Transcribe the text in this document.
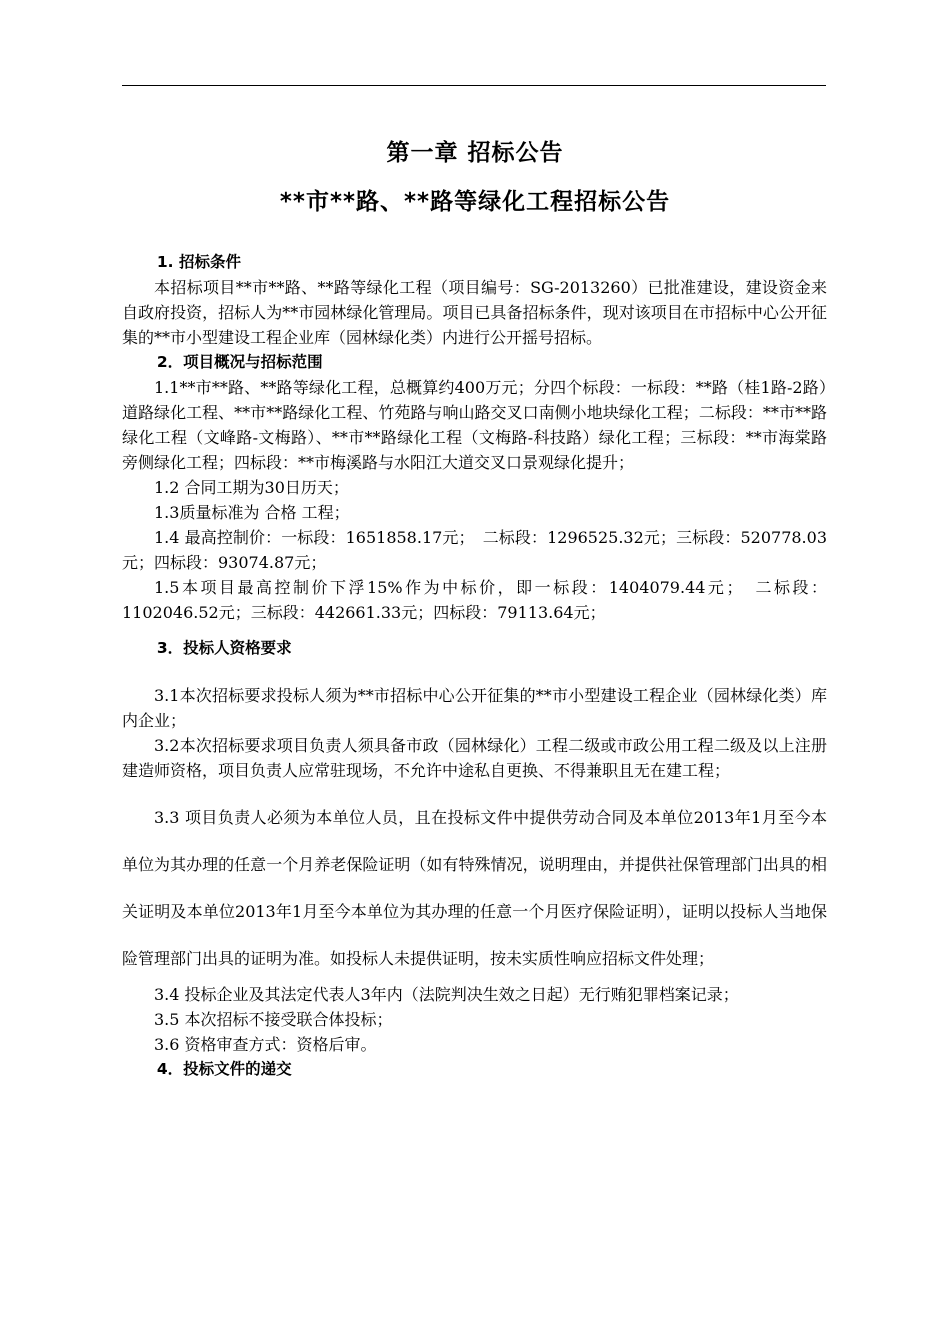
第一章 招标公告
**市**路、**路等绿化工程招标公告

1. 招标条件

本招标项目**市**路、**路等绿化工程（项目编号：SG-2013260）已批准建设，建设资金来自政府投资，招标人为**市园林绿化管理局。项目已具备招标条件，现对该项目在市招标中心公开征集的**市小型建设工程企业库（园林绿化类）内进行公开摇号招标。

2．项目概况与招标范围

1.1**市**路、**路等绿化工程，总概算约400万元；分四个标段：一标段：**路（桂1路-2路）道路绿化工程、**市**路绿化工程、竹苑路与响山路交叉口南侧小地块绿化工程；二标段：**市**路绿化工程（文峰路-文梅路）、**市**路绿化工程（文梅路-科技路）绿化工程；三标段：**市海棠路旁侧绿化工程；四标段：**市梅溪路与水阳江大道交叉口景观绿化提升；

1.2 合同工期为30日历天；

1.3质量标准为 合格 工程；

1.4 最高控制价：一标段：1651858.17元；　二标段：1296525.32元；三标段：520778.03元；四标段：93074.87元；

1.5本项目最高控制价下浮15%作为中标价，即一标段：1404079.44元；　二标段：1102046.52元；三标段：442661.33元；四标段：79113.64元；

3．投标人资格要求

3.1本次招标要求投标人须为**市招标中心公开征集的**市小型建设工程企业（园林绿化类）库内企业；

3.2本次招标要求项目负责人须具备市政（园林绿化）工程二级或市政公用工程二级及以上注册建造师资格，项目负责人应常驻现场，不允许中途私自更换、不得兼职且无在建工程；

3.3 项目负责人必须为本单位人员，且在投标文件中提供劳动合同及本单位2013年1月至今本单位为其办理的任意一个月养老保险证明（如有特殊情况，说明理由，并提供社保管理部门出具的相关证明及本单位2013年1月至今本单位为其办理的任意一个月医疗保险证明），证明以投标人当地保险管理部门出具的证明为准。如投标人未提供证明，按未实质性响应招标文件处理；

3.4 投标企业及其法定代表人3年内（法院判决生效之日起）无行贿犯罪档案记录；

3.5 本次招标不接受联合体投标；

3.6 资格审查方式：资格后审。

4．投标文件的递交
